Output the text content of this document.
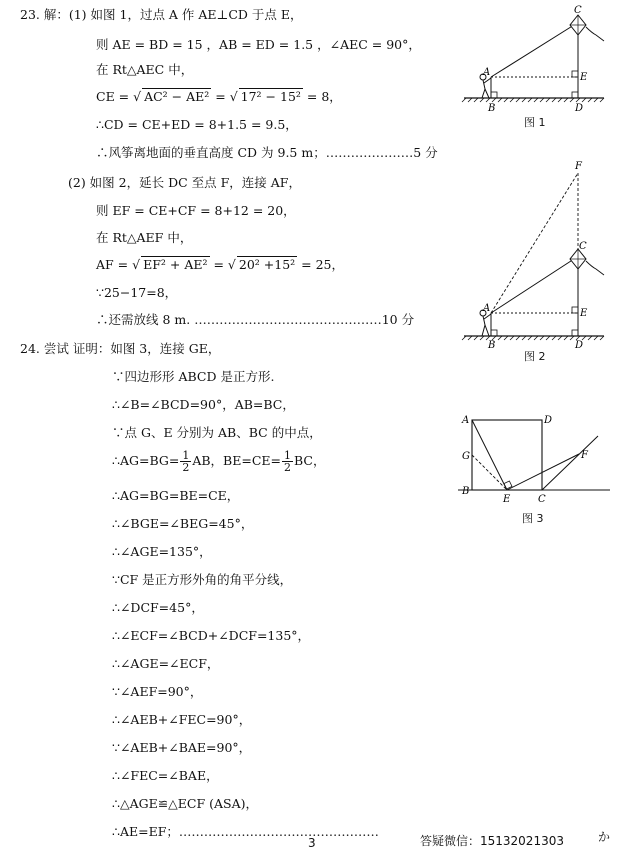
23. 解：(1) 如图 1，过点 A 作 AE⊥CD 于点 E，
则 AE = BD = 15 ，AB = ED = 1.5 ，∠AEC = 90°，
在 Rt△AEC 中，
CE = √ AC² − AE² = √ 17² − 15² = 8，
∴CD = CE+ED = 8+1.5 = 9.5，
∴风筝离地面的垂直高度 CD 为 9.5 m；…………………5 分
(2) 如图 2，延长 DC 至点 F，连接 AF，
则 EF = CE+CF = 8+12 = 20，
在 Rt△AEF 中，
AF = √ EF² + AE² = √ 20² +15² = 25，
∵25−17=8，
∴还需放线 8 m. ………………………………………10 分
24. 尝试 证明：如图 3，连接 GE，
∵四边形形 ABCD 是正方形.
∴∠B=∠BCD=90°，AB=BC，
∵点 G、E 分别为 AB、BC 的中点，
∴AG=BG= $\frac{1}{2}$ AB，$BE=CE= \frac{1}{2}$ BC，
∴AG=BG=BE=CE，
∴∠BGE=∠BEG=45°，
∴∠AGE=135°，
∵CF 是正方形外角的角平分线，
∴∠DCF=45°，
∴∠ECF=∠BCD+∠DCF=135°，
∴∠AGE=∠ECF，
∵∠AEF=90°，
∴∠AEB+∠FEC=90°，
∵∠AEB+∠BAE=90°，
∴∠FEC=∠BAE，
∴△AGE≌△ECF (ASA)，
∴AE=EF；…………………………………………
A
B
C
D
E
图 1
A
B
C
D
E
F
图 2
A	D
G
B
E	C
F
图 3
3	答疑微信：15132021303	か
